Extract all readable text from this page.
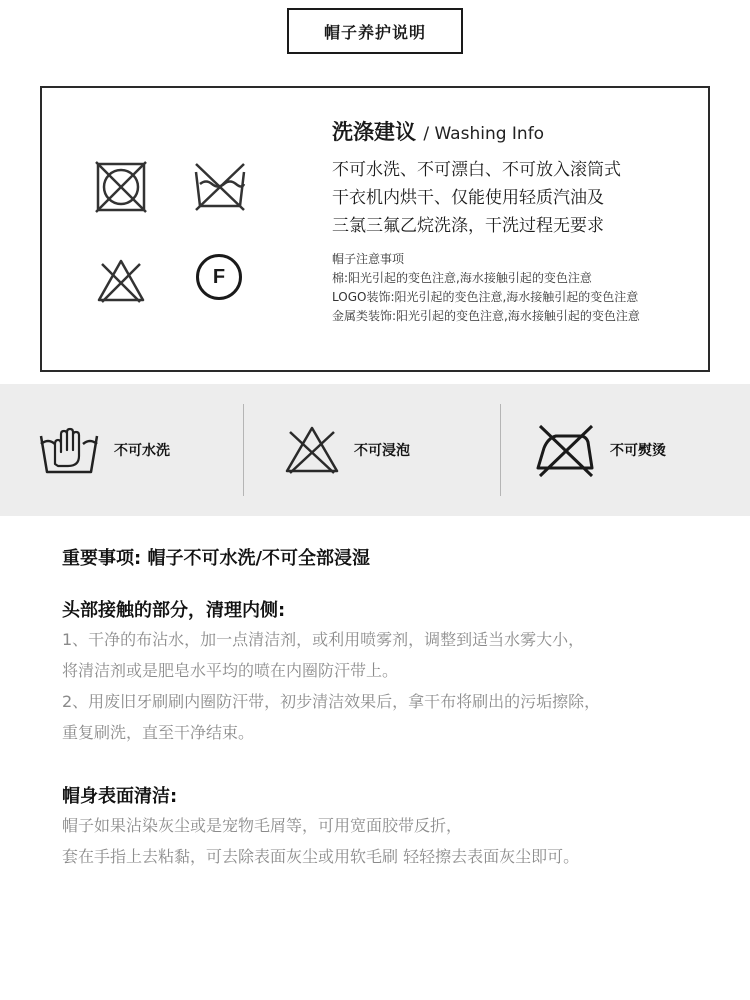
帽子养护说明
F
洗涤建议 / Washing Info
不可水洗、不可漂白、不可放入滚筒式
干衣机内烘干、仅能使用轻质汽油及
三氯三氟乙烷洗涤，干洗过程无要求
帽子注意事项
棉:阳光引起的变色注意,海水接触引起的变色注意
LOGO装饰:阳光引起的变色注意,海水接触引起的变色注意
金属类装饰:阳光引起的变色注意,海水接触引起的变色注意
不可水洗	不可浸泡	不可熨烫
重要事项: 帽子不可水洗/不可全部浸湿
头部接触的部分，清理内侧:
1、干净的布沾水，加一点清洁剂，或利用喷雾剂，调整到适当水雾大小，
将清洁剂或是肥皂水平均的喷在内圈防汗带上。
2、用废旧牙刷刷内圈防汗带，初步清洁效果后，拿干布将刷出的污垢擦除，
重复刷洗，直至干净结束。
帽身表面清洁:
帽子如果沾染灰尘或是宠物毛屑等，可用宽面胶带反折，
套在手指上去粘黏，可去除表面灰尘或用软毛刷 轻轻擦去表面灰尘即可。
